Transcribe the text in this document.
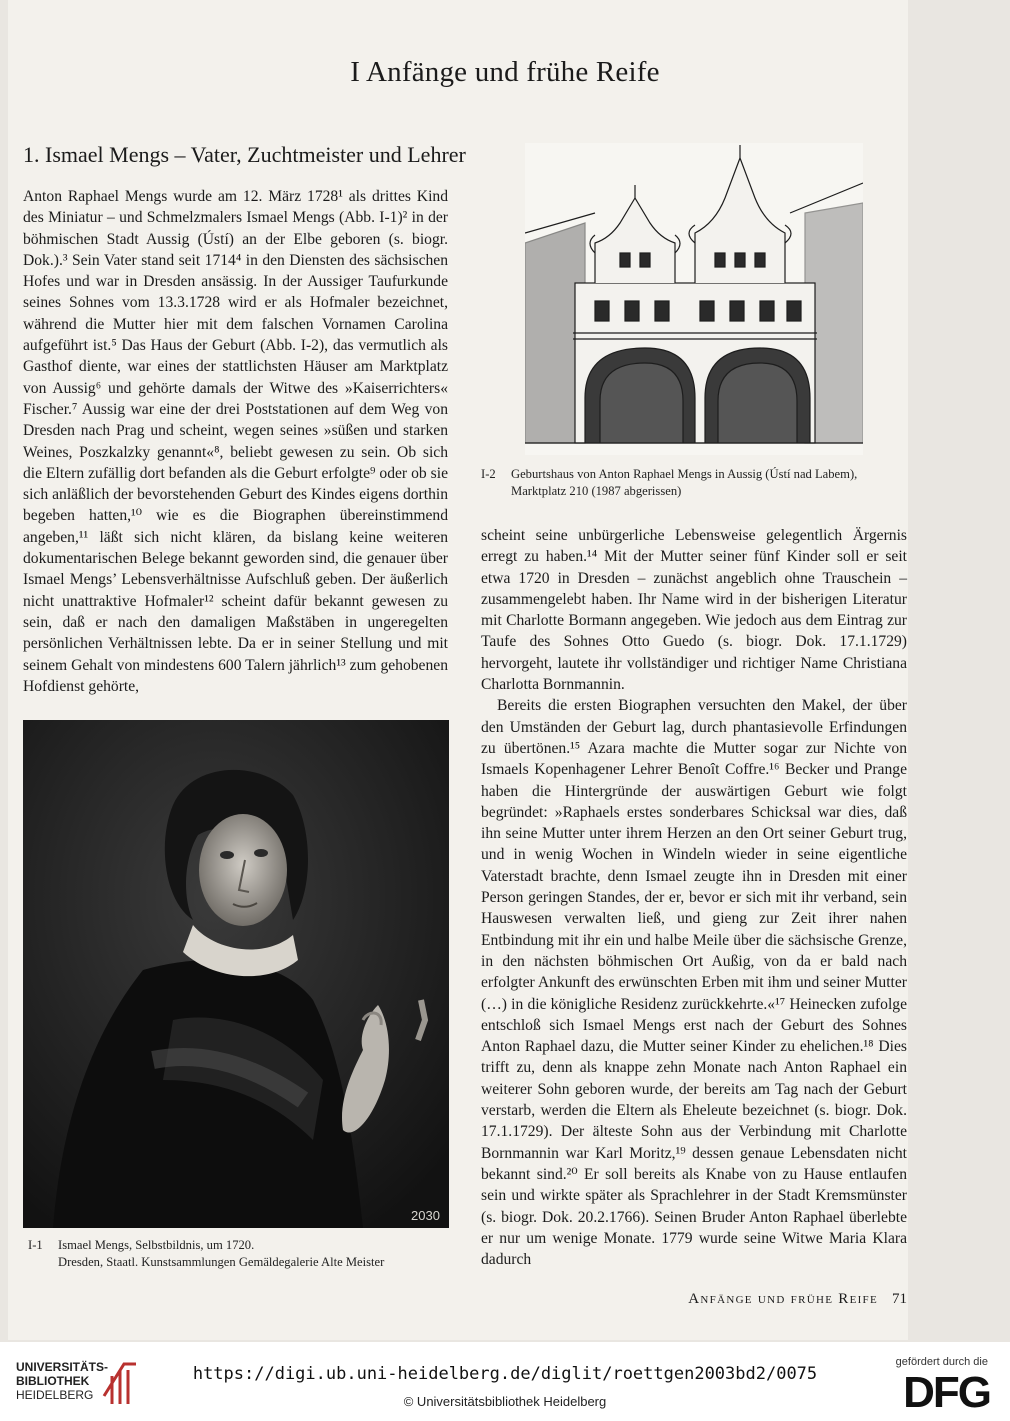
I Anfänge und frühe Reife
1. Ismael Mengs – Vater, Zuchtmeister und Lehrer

Anton Raphael Mengs wurde am 12. März 1728¹ als drittes Kind des Miniatur – und Schmelzmalers Ismael Mengs (Abb. I-1)² in der böhmischen Stadt Aussig (Ústí) an der Elbe geboren (s. biogr. Dok.).³ Sein Vater stand seit 1714⁴ in den Diensten des sächsischen Hofes und war in Dresden ansässig. In der Aussiger Taufurkunde seines Sohnes vom 13.3.1728 wird er als Hofmaler bezeichnet, während die Mutter hier mit dem falschen Vornamen Carolina aufgeführt ist.⁵ Das Haus der Geburt (Abb. I-2), das vermutlich als Gasthof diente, war eines der stattlichsten Häuser am Marktplatz von Aussig⁶ und gehörte damals der Witwe des »Kaiserrichters« Fischer.⁷ Aussig war eine der drei Poststationen auf dem Weg von Dresden nach Prag und scheint, wegen seines »süßen und starken Weines, Poszkalzky genannt«⁸, beliebt gewesen zu sein. Ob sich die Eltern zufällig dort befanden als die Geburt erfolgte⁹ oder ob sie sich anläßlich der bevorstehenden Geburt des Kindes eigens dorthin begeben hatten,¹⁰ wie es die Biographen übereinstimmend angeben,¹¹ läßt sich nicht klären, da bislang keine weiteren dokumentarischen Belege bekannt geworden sind, die genauer über Ismael Mengs’ Lebensverhältnisse Aufschluß geben. Der äußerlich nicht unattraktive Hofmaler¹² scheint dafür bekannt gewesen zu sein, daß er nach den damaligen Maßstäben in ungeregelten persönlichen Verhältnissen lebte. Da er in seiner Stellung und mit seinem Gehalt von mindestens 600 Talern jährlich¹³ zum gehobenen Hofdienst gehörte,

2030
I-1 Ismael Mengs, Selbstbildnis, um 1720.
Dresden, Staatl. Kunstsammlungen Gemäldegalerie Alte Meister
I-2 Geburtshaus von Anton Raphael Mengs in Aussig (Ústí nad Labem),
Marktplatz 210 (1987 abgerissen)

scheint seine unbürgerliche Lebensweise gelegentlich Ärgernis erregt zu haben.¹⁴ Mit der Mutter seiner fünf Kinder soll er seit etwa 1720 in Dresden – zunächst angeblich ohne Trauschein – zusammengelebt haben. Ihr Name wird in der bisherigen Literatur mit Charlotte Bormann angegeben. Wie jedoch aus dem Eintrag zur Taufe des Sohnes Otto Guedo (s. biogr. Dok. 17.1.1729) hervorgeht, lautete ihr vollständiger und richtiger Name Christiana Charlotta Bornmannin.

Bereits die ersten Biographen versuchten den Makel, der über den Umständen der Geburt lag, durch phantasievolle Erfindungen zu übertönen.¹⁵ Azara machte die Mutter sogar zur Nichte von Ismaels Kopenhagener Lehrer Benoît Coffre.¹⁶ Becker und Prange haben die Hintergründe der auswärtigen Geburt wie folgt begründet: »Raphaels erstes sonderbares Schicksal war dies, daß ihn seine Mutter unter ihrem Herzen an den Ort seiner Geburt trug, und in wenig Wochen in Windeln wieder in seine eigentliche Vaterstadt brachte, denn Ismael zeugte ihn in Dresden mit einer Person geringen Standes, der er, bevor er sich mit ihr verband, sein Hauswesen verwalten ließ, und gieng zur Zeit ihrer nahen Entbindung mit ihr ein und halbe Meile über die sächsische Grenze, in den nächsten böhmischen Ort Außig, von da er bald nach erfolgter Ankunft des erwünschten Erben mit ihm und seiner Mutter (…) in die königliche Residenz zurückkehrte.«¹⁷ Heinecken zufolge entschloß sich Ismael Mengs erst nach der Geburt des Sohnes Anton Raphael dazu, die Mutter seiner Kinder zu ehelichen.¹⁸ Dies trifft zu, denn als knappe zehn Monate nach Anton Raphael ein weiterer Sohn geboren wurde, der bereits am Tag nach der Geburt verstarb, werden die Eltern als Eheleute bezeichnet (s. biogr. Dok. 17.1.1729). Der älteste Sohn aus der Verbindung mit Charlotte Bornmannin war Karl Moritz,¹⁹ dessen genaue Lebensdaten nicht bekannt sind.²⁰ Er soll bereits als Knabe von zu Hause entlaufen sein und wirkte später als Sprachlehrer in der Stadt Kremsmünster (s. biogr. Dok. 20.2.1766). Seinen Bruder Anton Raphael überlebte er nur um wenige Monate. 1779 wurde seine Witwe Maria Klara dadurch

Anfänge und frühe Reife 71
UNIVERSITÄTS-
BIBLIOTHEK
HEIDELBERG
https://digi.ub.uni-heidelberg.de/diglit/roettgen2003bd2/0075
© Universitätsbibliothek Heidelberg
gefördert durch die
DFG
